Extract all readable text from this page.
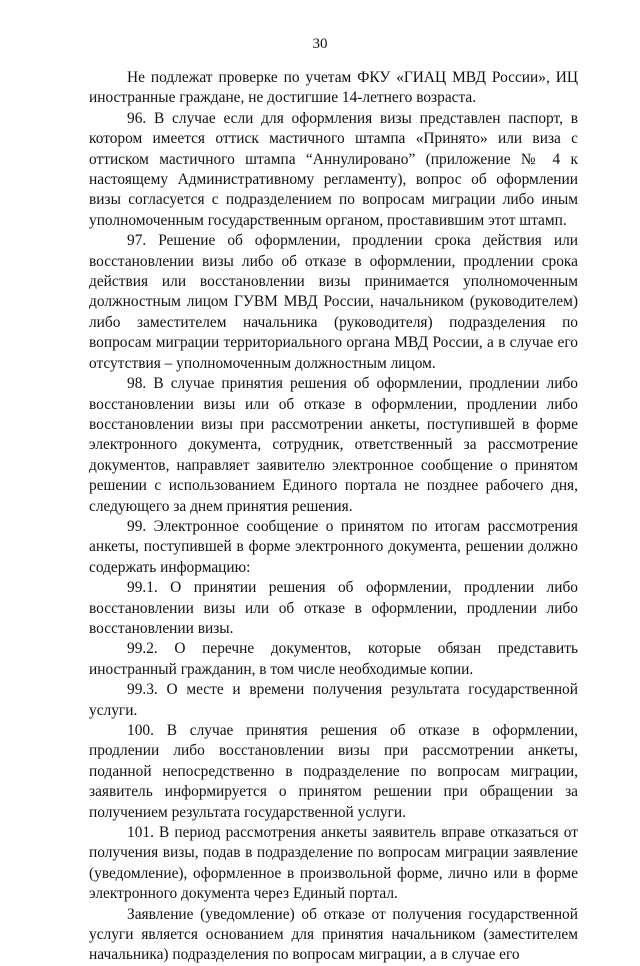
30

Не подлежат проверке по учетам ФКУ «ГИАЦ МВД России», ИЦ иностранные граждане, не достигшие 14-летнего возраста.

96. В случае если для оформления визы представлен паспорт, в котором имеется оттиск мастичного штампа «Принято» или виза с оттиском мастичного штампа “Аннулировано” (приложение № 4 к настоящему Административному регламенту), вопрос об оформлении визы согласуется с подразделением по вопросам миграции либо иным уполномоченным государственным органом, проставившим этот штамп.

97. Решение об оформлении, продлении срока действия или восстановлении визы либо об отказе в оформлении, продлении срока действия или восстановлении визы принимается уполномоченным должностным лицом ГУВМ МВД России, начальником (руководителем) либо заместителем начальника (руководителя) подразделения по вопросам миграции территориального органа МВД России, а в случае его отсутствия – уполномоченным должностным лицом.

98. В случае принятия решения об оформлении, продлении либо восстановлении визы или об отказе в оформлении, продлении либо восстановлении визы при рассмотрении анкеты, поступившей в форме электронного документа, сотрудник, ответственный за рассмотрение документов, направляет заявителю электронное сообщение о принятом решении с использованием Единого портала не позднее рабочего дня, следующего за днем принятия решения.

99. Электронное сообщение о принятом по итогам рассмотрения анкеты, поступившей в форме электронного документа, решении должно содержать информацию:

99.1. О принятии решения об оформлении, продлении либо восстановлении визы или об отказе в оформлении, продлении либо восстановлении визы.

99.2. О перечне документов, которые обязан представить иностранный гражданин, в том числе необходимые копии.

99.3. О месте и времени получения результата государственной услуги.

100. В случае принятия решения об отказе в оформлении, продлении либо восстановлении визы при рассмотрении анкеты, поданной непосредственно в подразделение по вопросам миграции, заявитель информируется о принятом решении при обращении за получением результата государственной услуги.

101. В период рассмотрения анкеты заявитель вправе отказаться от получения визы, подав в подразделение по вопросам миграции заявление (уведомление), оформленное в произвольной форме, лично или в форме электронного документа через Единый портал.

Заявление (уведомление) об отказе от получения государственной услуги является основанием для принятия начальником (заместителем начальника) подразделения по вопросам миграции, а в случае его
